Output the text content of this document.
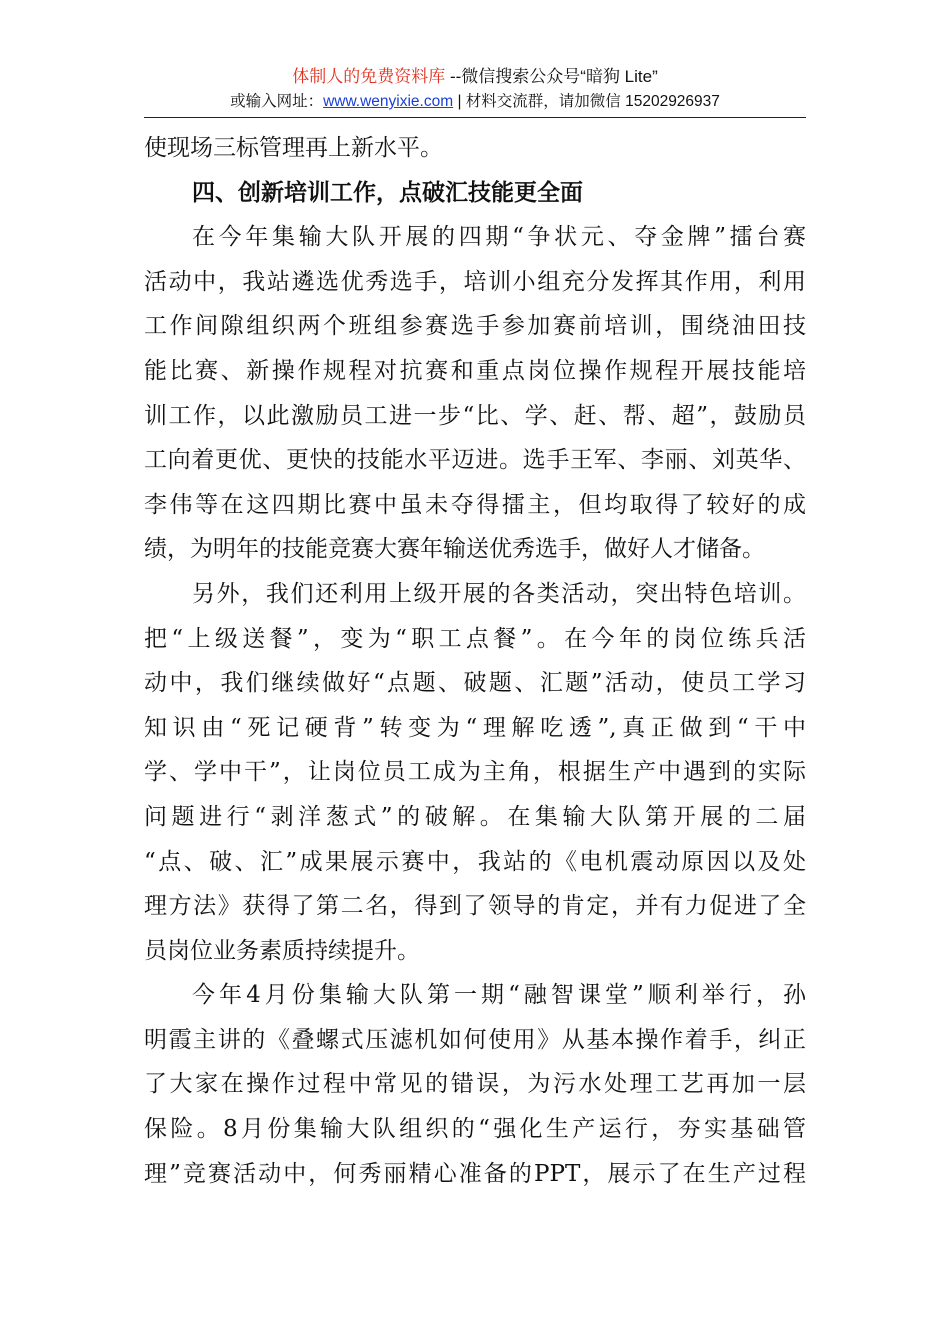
体制人的免费资料库 --微信搜索公众号“暗狗 Lite”
或输入网址：www.wenyixie.com | 材料交流群，请加微信 15202926937
使现场三标管理再上新水平。
四、创新培训工作，点破汇技能更全面
在今年集输大队开展的四期“争状元、夺金牌”擂台赛
活动中，我站遴选优秀选手，培训小组充分发挥其作用，利用
工作间隙组织两个班组参赛选手参加赛前培训，围绕油田技
能比赛、新操作规程对抗赛和重点岗位操作规程开展技能培
训工作，以此激励员工进一步“比、学、赶、帮、超”，鼓励员
工向着更优、更快的技能水平迈进。选手王军、李丽、刘英华、
李伟等在这四期比赛中虽未夺得擂主，但均取得了较好的成
绩，为明年的技能竞赛大赛年输送优秀选手，做好人才储备。
另外，我们还利用上级开展的各类活动，突出特色培训。
把“上级送餐”，变为“职工点餐”。在今年的岗位练兵活
动中，我们继续做好“点题、破题、汇题”活动，使员工学习
知识由“死记硬背”转变为“理解吃透”,真正做到“干中
学、学中干”，让岗位员工成为主角，根据生产中遇到的实际
问题进行“剥洋葱式”的破解。在集输大队第开展的二届
“点、破、汇”成果展示赛中，我站的《电机震动原因以及处
理方法》获得了第二名，得到了领导的肯定，并有力促进了全
员岗位业务素质持续提升。
今年4月份集输大队第一期“融智课堂”顺利举行，孙
明霞主讲的《叠螺式压滤机如何使用》从基本操作着手，纠正
了大家在操作过程中常见的错误，为污水处理工艺再加一层
保险。8月份集输大队组织的“强化生产运行，夯实基础管
理”竞赛活动中，何秀丽精心准备的PPT，展示了在生产过程
